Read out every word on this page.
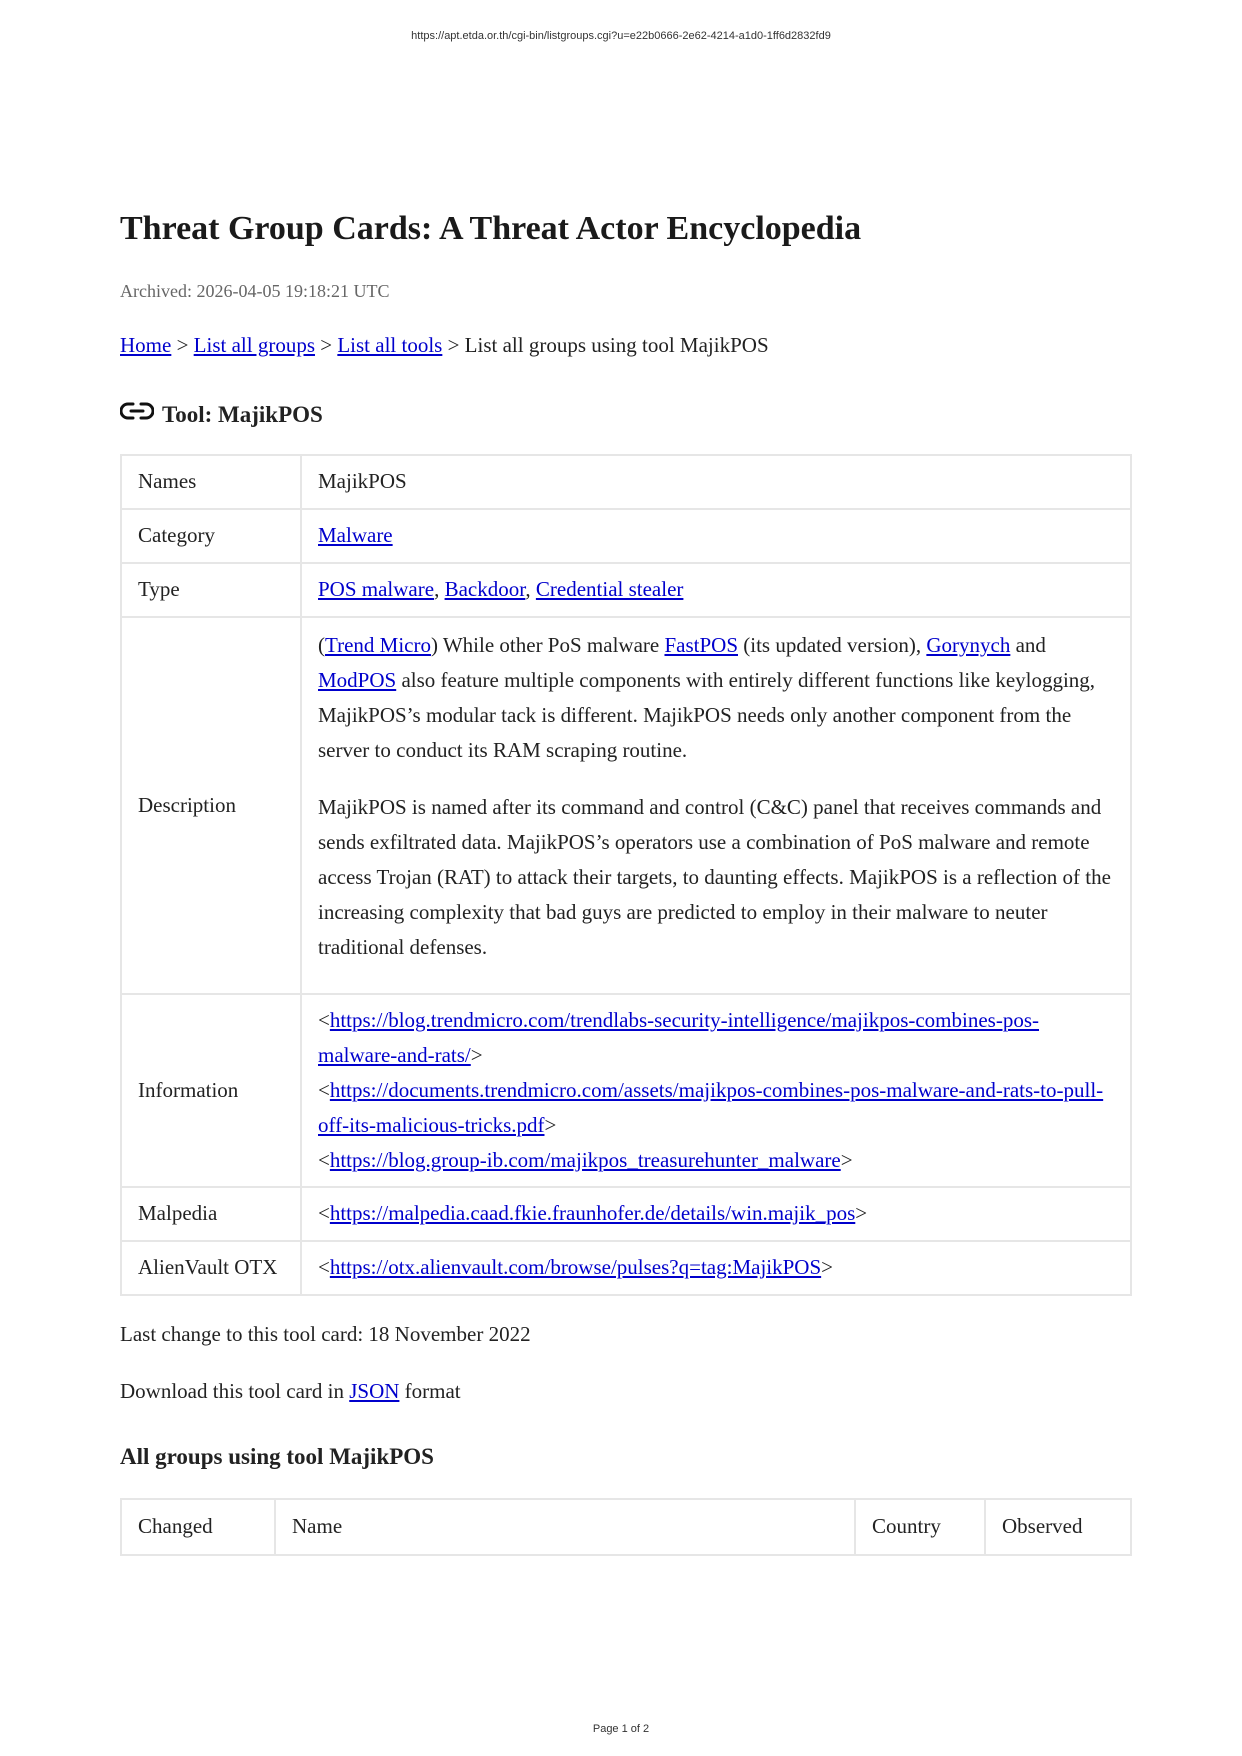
https://apt.etda.or.th/cgi-bin/listgroups.cgi?u=e22b0666-2e62-4214-a1d0-1ff6d2832fd9
Threat Group Cards: A Threat Actor Encyclopedia
Archived: 2026-04-05 19:18:21 UTC
Home > List all groups > List all tools > List all groups using tool MajikPOS
Tool: MajikPOS
Names	MajikPOS
Category	Malware
Type	POS malware, Backdoor, Credential stealer
Description	(Trend Micro) While other PoS malware FastPOS (its updated version), Gorynych and ModPOS also feature multiple components with entirely different functions like keylogging, MajikPOS’s modular tack is different. MajikPOS needs only another component from the server to conduct its RAM scraping routine.

MajikPOS is named after its command and control (C&C) panel that receives commands and sends exfiltrated data. MajikPOS’s operators use a combination of PoS malware and remote access Trojan (RAT) to attack their targets, to daunting effects. MajikPOS is a reflection of the increasing complexity that bad guys are predicted to employ in their malware to neuter traditional defenses.

Information	<https://blog.trendmicro.com/trendlabs-security-intelligence/majikpos-combines-pos-malware-and-rats/>
<https://documents.trendmicro.com/assets/majikpos-combines-pos-malware-and-rats-to-pull-off-its-malicious-tricks.pdf>
<https://blog.group-ib.com/majikpos_treasurehunter_malware>

Malpedia	<https://malpedia.caad.fkie.fraunhofer.de/details/win.majik_pos>
AlienVault OTX	<https://otx.alienvault.com/browse/pulses?q=tag:MajikPOS>
Last change to this tool card: 18 November 2022
Download this tool card in JSON format
All groups using tool MajikPOS
Changed	Name	Country	Observed
Page 1 of 2
